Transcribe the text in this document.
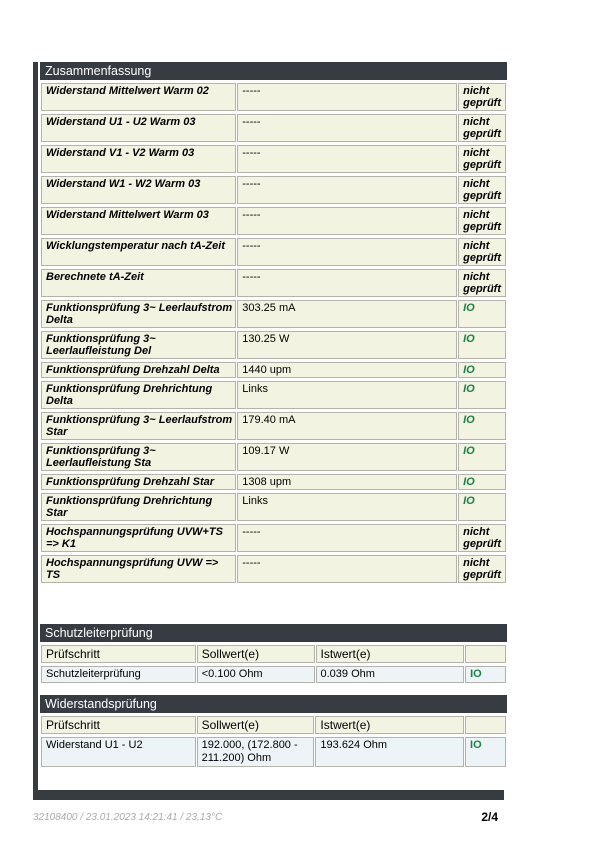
Zusammenfassung
Widerstand Mittelwert Warm 02	-----	nicht geprüft
Widerstand U1 - U2 Warm 03	-----	nicht geprüft
Widerstand V1 - V2 Warm 03	-----	nicht geprüft
Widerstand W1 - W2 Warm 03	-----	nicht geprüft
Widerstand Mittelwert Warm 03	-----	nicht geprüft
Wicklungstemperatur nach tA-Zeit	-----	nicht geprüft
Berechnete tA-Zeit	-----	nicht geprüft
Funktionsprüfung 3~ Leerlaufstrom Delta	303.25 mA	IO
Funktionsprüfung 3~ Leerlaufleistung Del	130.25 W	IO
Funktionsprüfung Drehzahl Delta	1440 upm	IO
Funktionsprüfung Drehrichtung Delta	Links	IO
Funktionsprüfung 3~ Leerlaufstrom Star	179.40 mA	IO
Funktionsprüfung 3~ Leerlaufleistung Sta	109.17 W	IO
Funktionsprüfung Drehzahl Star	1308 upm	IO
Funktionsprüfung Drehrichtung Star	Links	IO
Hochspannungsprüfung UVW+TS => K1	-----	nicht geprüft
Hochspannungsprüfung UVW => TS	-----	nicht geprüft
Schutzleiterprüfung
Prüfschritt	Sollwert(e)	Istwert(e)	
Schutzleiterprüfung	<0.100 Ohm	0.039 Ohm	IO
Widerstandsprüfung
Prüfschritt	Sollwert(e)	Istwert(e)	
Widerstand U1 - U2	192.000, (172.800 - 211.200) Ohm	193.624 Ohm	IO
32108400 / 23.01.2023 14:21:41 / 23,13°C	2/4
